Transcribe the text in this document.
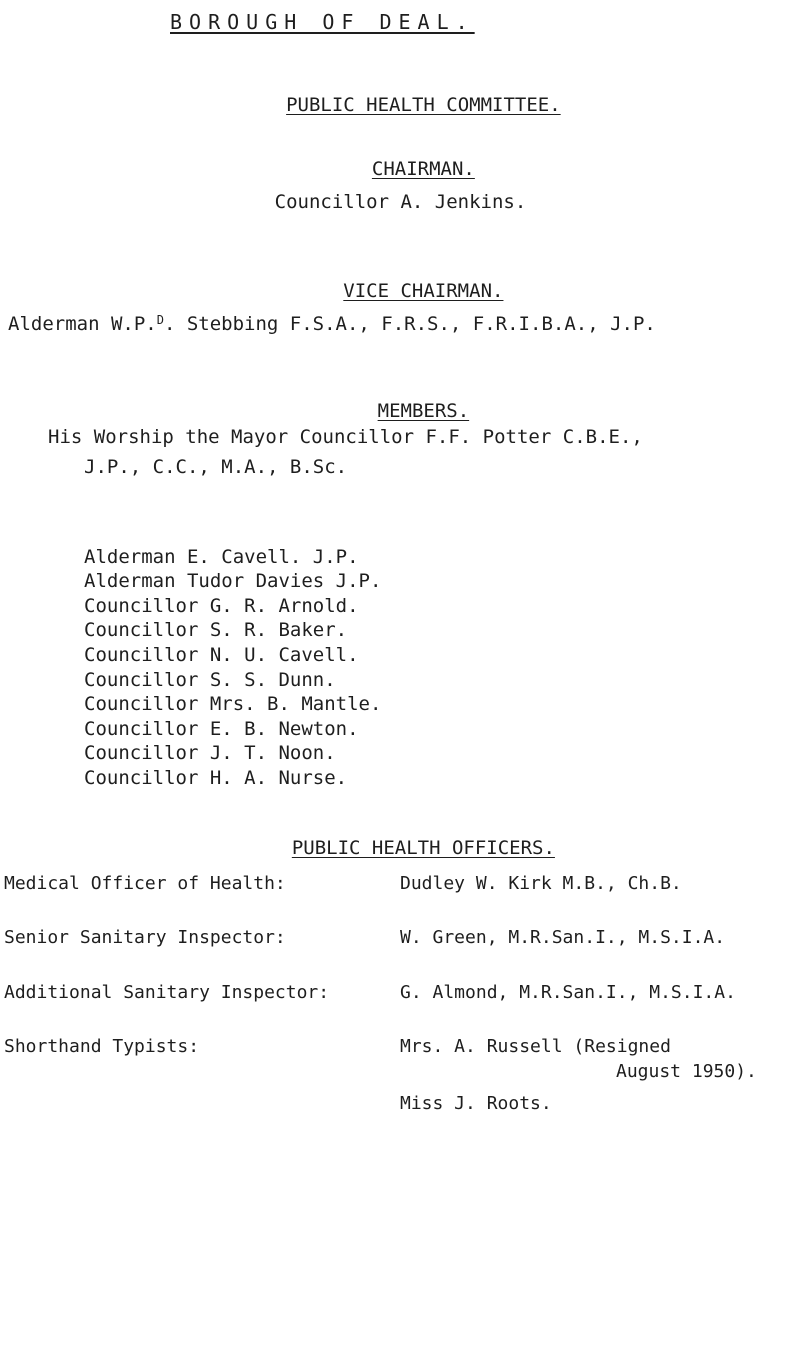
BOROUGH OF DEAL.

PUBLIC HEALTH COMMITTEE.

CHAIRMAN.

Councillor A. Jenkins.

VICE CHAIRMAN.

Alderman W.P.$^D$. Stebbing F.S.A., F.R.S., F.R.I.B.A., J.P.

MEMBERS.

His Worship the Mayor Councillor F.F. Potter C.B.E.,
J.P., C.C., M.A., B.Sc.

Alderman E. Cavell. J.P.
Alderman Tudor Davies J.P.
Councillor G. R. Arnold.
Councillor S. R. Baker.
Councillor N. U. Cavell.
Councillor S. S. Dunn.
Councillor Mrs. B. Mantle.
Councillor E. B. Newton.
Councillor J. T. Noon.
Councillor H. A. Nurse.

PUBLIC HEALTH OFFICERS.

Medical Officer of Health:	Dudley W. Kirk M.B., Ch.B.
Senior Sanitary Inspector:	W. Green, M.R.San.I., M.S.I.A.
Additional Sanitary Inspector:	G. Almond, M.R.San.I., M.S.I.A.
Shorthand Typists:	Mrs. A. Russell (Resigned
August 1950).
Miss J. Roots.
